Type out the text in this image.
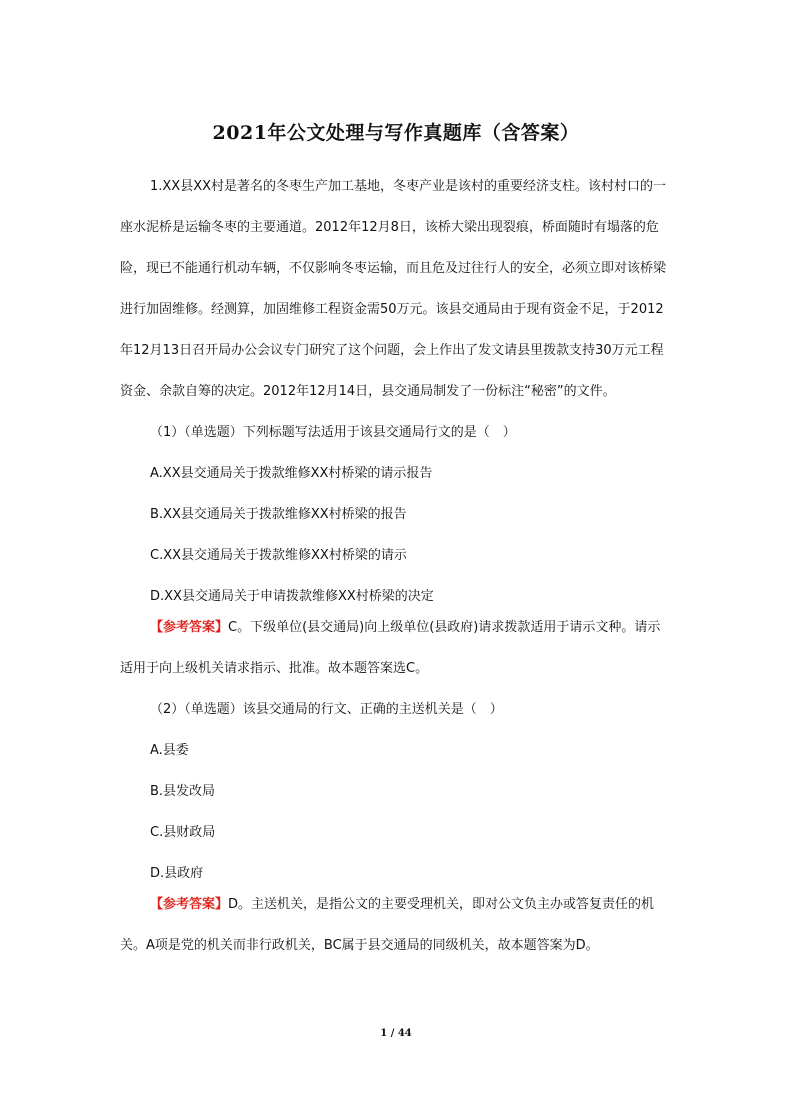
2021年公文处理与写作真题库（含答案）

1.XX县XX村是著名的冬枣生产加工基地，冬枣产业是该村的重要经济支柱。该村村口的一座水泥桥是运输冬枣的主要通道。2012年12月8日，该桥大梁出现裂痕，桥面随时有塌落的危险，现已不能通行机动车辆，不仅影响冬枣运输，而且危及过往行人的安全，必须立即对该桥梁进行加固维修。经测算，加固维修工程资金需50万元。该县交通局由于现有资金不足，于2012年12月13日召开局办公会议专门研究了这个问题，会上作出了发文请县里拨款支持30万元工程资金、余款自筹的决定。2012年12月14日，县交通局制发了一份标注“秘密”的文件。

（1）（单选题）下列标题写法适用于该县交通局行文的是（　）

A.XX县交通局关于拨款维修XX村桥梁的请示报告

B.XX县交通局关于拨款维修XX村桥梁的报告

C.XX县交通局关于拨款维修XX村桥梁的请示

D.XX县交通局关于申请拨款维修XX村桥梁的决定

【参考答案】C。下级单位(县交通局)向上级单位(县政府)请求拨款适用于请示文种。请示适用于向上级机关请求指示、批准。故本题答案选C。

（2）（单选题）该县交通局的行文、正确的主送机关是（　）

A.县委

B.县发改局

C.县财政局

D.县政府

【参考答案】D。主送机关，是指公文的主要受理机关，即对公文负主办或答复责任的机关。A项是党的机关而非行政机关，BC属于县交通局的同级机关，故本题答案为D。

1 / 44
